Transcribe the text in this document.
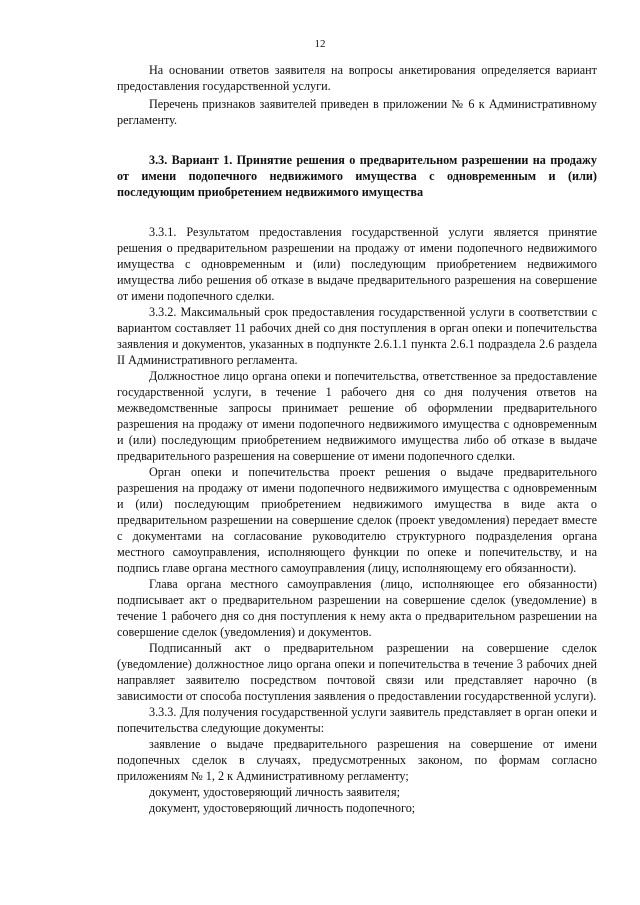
12

На основании ответов заявителя на вопросы анкетирования определяется вариант предоставления государственной услуги.

Перечень признаков заявителей приведен в приложении № 6 к Административному регламенту.

3.3. Вариант 1. Принятие решения о предварительном разрешении на продажу от имени подопечного недвижимого имущества с одновременным и (или) последующим приобретением недвижимого имущества

3.3.1. Результатом предоставления государственной услуги является принятие решения о предварительном разрешении на продажу от имени подопечного недвижимого имущества с одновременным и (или) последующим приобретением недвижимого имущества либо решения об отказе в выдаче предварительного разрешения на совершение от имени подопечного сделки.

3.3.2. Максимальный срок предоставления государственной услуги в соответствии с вариантом составляет 11 рабочих дней со дня поступления в орган опеки и попечительства заявления и документов, указанных в подпункте 2.6.1.1 пункта 2.6.1 подраздела 2.6 раздела II Административного регламента.

Должностное лицо органа опеки и попечительства, ответственное за предоставление государственной услуги, в течение 1 рабочего дня со дня получения ответов на межведомственные запросы принимает решение об оформлении предварительного разрешения на продажу от имени подопечного недвижимого имущества с одновременным и (или) последующим приобретением недвижимого имущества либо об отказе в выдаче предварительного разрешения на совершение от имени подопечного сделки.

Орган опеки и попечительства проект решения о выдаче предварительного разрешения на продажу от имени подопечного недвижимого имущества с одновременным и (или) последующим приобретением недвижимого имущества в виде акта о предварительном разрешении на совершение сделок (проект уведомления) передает вместе с документами на согласование руководителю структурного подразделения органа местного самоуправления, исполняющего функции по опеке и попечительству, и на подпись главе органа местного самоуправления (лицу, исполняющему его обязанности).

Глава органа местного самоуправления (лицо, исполняющее его обязанности) подписывает акт о предварительном разрешении на совершение сделок (уведомление) в течение 1 рабочего дня со дня поступления к нему акта о предварительном разрешении на совершение сделок (уведомления) и документов.

Подписанный акт о предварительном разрешении на совершение сделок (уведомление) должностное лицо органа опеки и попечительства в течение 3 рабочих дней направляет заявителю посредством почтовой связи или представляет нарочно (в зависимости от способа поступления заявления о предоставлении государственной услуги).

3.3.3. Для получения государственной услуги заявитель представляет в орган опеки и попечительства следующие документы:

заявление о выдаче предварительного разрешения на совершение от имени подопечных сделок в случаях, предусмотренных законом, по формам согласно приложениям № 1, 2 к Административному регламенту;

документ, удостоверяющий личность заявителя;

документ, удостоверяющий личность подопечного;
